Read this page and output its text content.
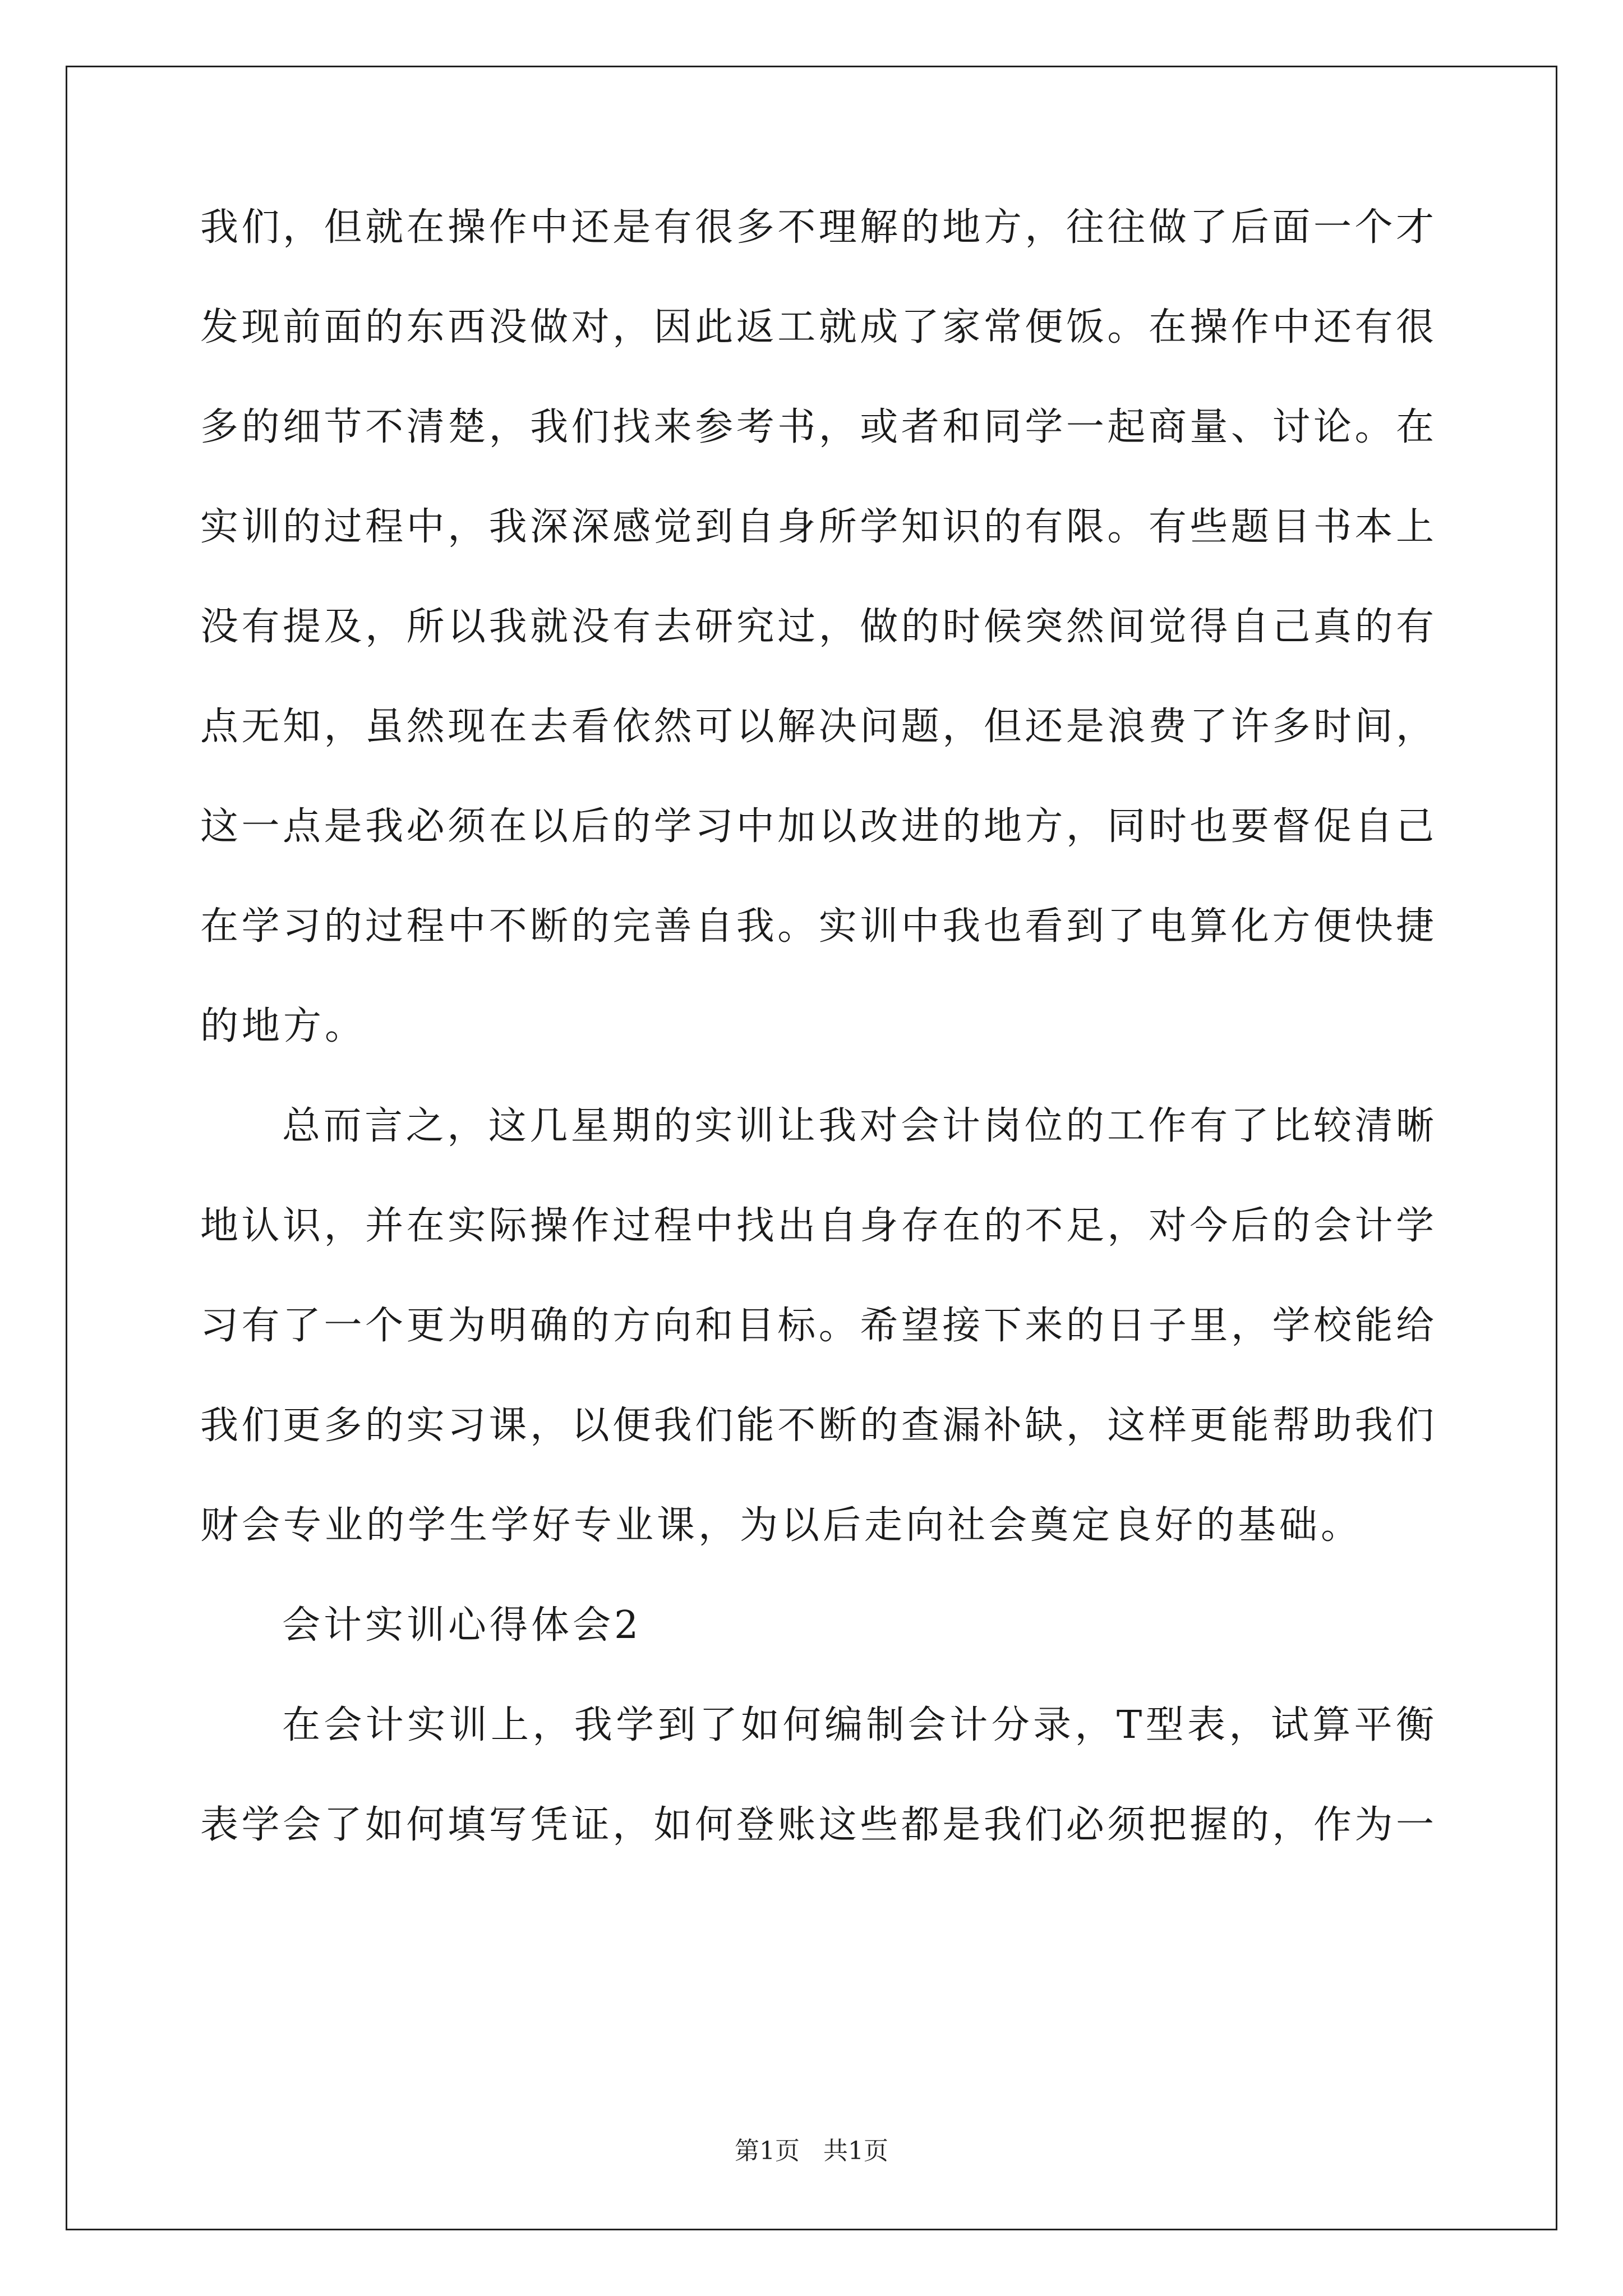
我们，但就在操作中还是有很多不理解的地方，往往做了后面一个才
发现前面的东西没做对，因此返工就成了家常便饭。在操作中还有很
多的细节不清楚，我们找来参考书，或者和同学一起商量、讨论。在
实训的过程中，我深深感觉到自身所学知识的有限。有些题目书本上
没有提及，所以我就没有去研究过，做的时候突然间觉得自己真的有
点无知，虽然现在去看依然可以解决问题，但还是浪费了许多时间，
这一点是我必须在以后的学习中加以改进的地方，同时也要督促自己
在学习的过程中不断的完善自我。实训中我也看到了电算化方便快捷
的地方。
总而言之，这几星期的实训让我对会计岗位的工作有了比较清晰
地认识，并在实际操作过程中找出自身存在的不足，对今后的会计学
习有了一个更为明确的方向和目标。希望接下来的日子里，学校能给
我们更多的实习课，以便我们能不断的查漏补缺，这样更能帮助我们
财会专业的学生学好专业课，为以后走向社会奠定良好的基础。
会计实训心得体会2
在会计实训上，我学到了如何编制会计分录，T型表，试算平衡
表学会了如何填写凭证，如何登账这些都是我们必须把握的，作为一
第1页   共1页
